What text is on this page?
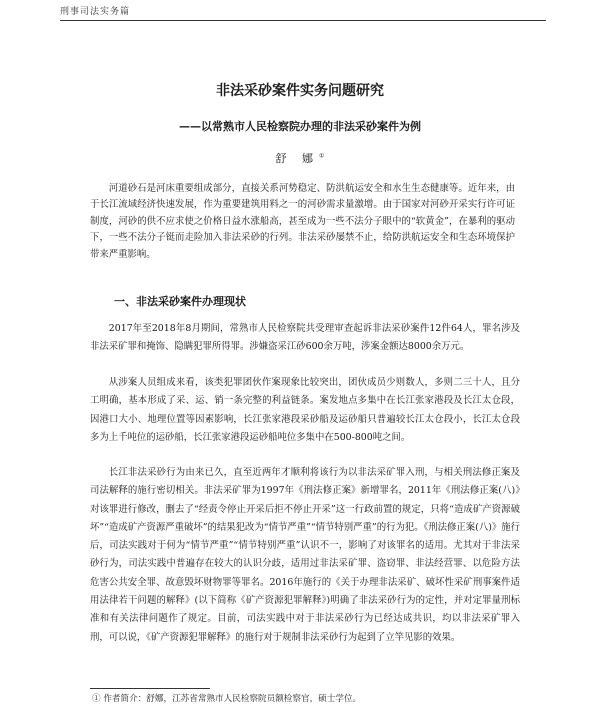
刑事司法实务篇
非法采砂案件实务问题研究
——以常熟市人民检察院办理的非法采砂案件为例
舒 娜①

河道砂石是河床重要组成部分，直接关系河势稳定、防洪航运安全和水生生态健康等。近年来，由于长江流域经济快速发展，作为重要建筑用料之一的河砂需求量激增。由于国家对河砂开采实行许可证制度，河砂的供不应求使之价格日益水涨船高，甚至成为一些不法分子眼中的“软黄金”，在暴利的驱动下，一些不法分子铤而走险加入非法采砂的行列。非法采砂屡禁不止，给防洪航运安全和生态环境保护带来严重影响。

一、非法采砂案件办理现状

2017年至2018年8月期间，常熟市人民检察院共受理审查起诉非法采砂案件12件64人，罪名涉及非法采矿罪和掩饰、隐瞒犯罪所得罪。涉嫌盗采江砂600余万吨，涉案金额达8000余万元。

从涉案人员组成来看，该类犯罪团伙作案现象比较突出，团伙成员少则数人，多则二三十人，且分工明确，基本形成了采、运、销一条完整的利益链条。案发地点多集中在长江张家港段及长江太仓段，因港口大小、地理位置等因素影响，长江张家港段采砂船及运砂船只普遍较长江太仓段小，长江太仓段多为上千吨位的运砂船，长江张家港段运砂船吨位多集中在500-800吨之间。

长江非法采砂行为由来已久，直至近两年才顺利将该行为以非法采矿罪入刑，与相关刑法修正案及司法解释的施行密切相关。非法采矿罪为1997年《刑法修正案》新增罪名，2011年《刑法修正案(八)》对该罪进行修改，删去了“经责令停止开采后拒不停止开采”这一行政前置的规定，只将“造成矿产资源破坏”“造成矿产资源严重破坏”的结果犯改为“情节严重”“情节特别严重”的行为犯。《刑法修正案(八)》施行后，司法实践对于何为“情节严重”“情节特别严重”认识不一，影响了对该罪名的适用。尤其对于非法采砂行为，司法实践中普遍存在较大的认识分歧，适用过非法采矿罪、盗窃罪、非法经营罪、以危险方法危害公共安全罪、故意毁坏财物罪等罪名。2016年施行的《关于办理非法采矿、破坏性采矿刑事案件适用法律若干问题的解释》(以下简称《矿产资源犯罪解释》)明确了非法采砂行为的定性，并对定罪量刑标准和有关法律问题作了规定。目前，司法实践中对于非法采砂行为已经达成共识，均以非法采矿罪入刑，可以说，《矿产资源犯罪解释》的施行对于规制非法采砂行为起到了立竿见影的效果。

① 作者简介：舒娜，江苏省常熟市人民检察院员额检察官，硕士学位。
